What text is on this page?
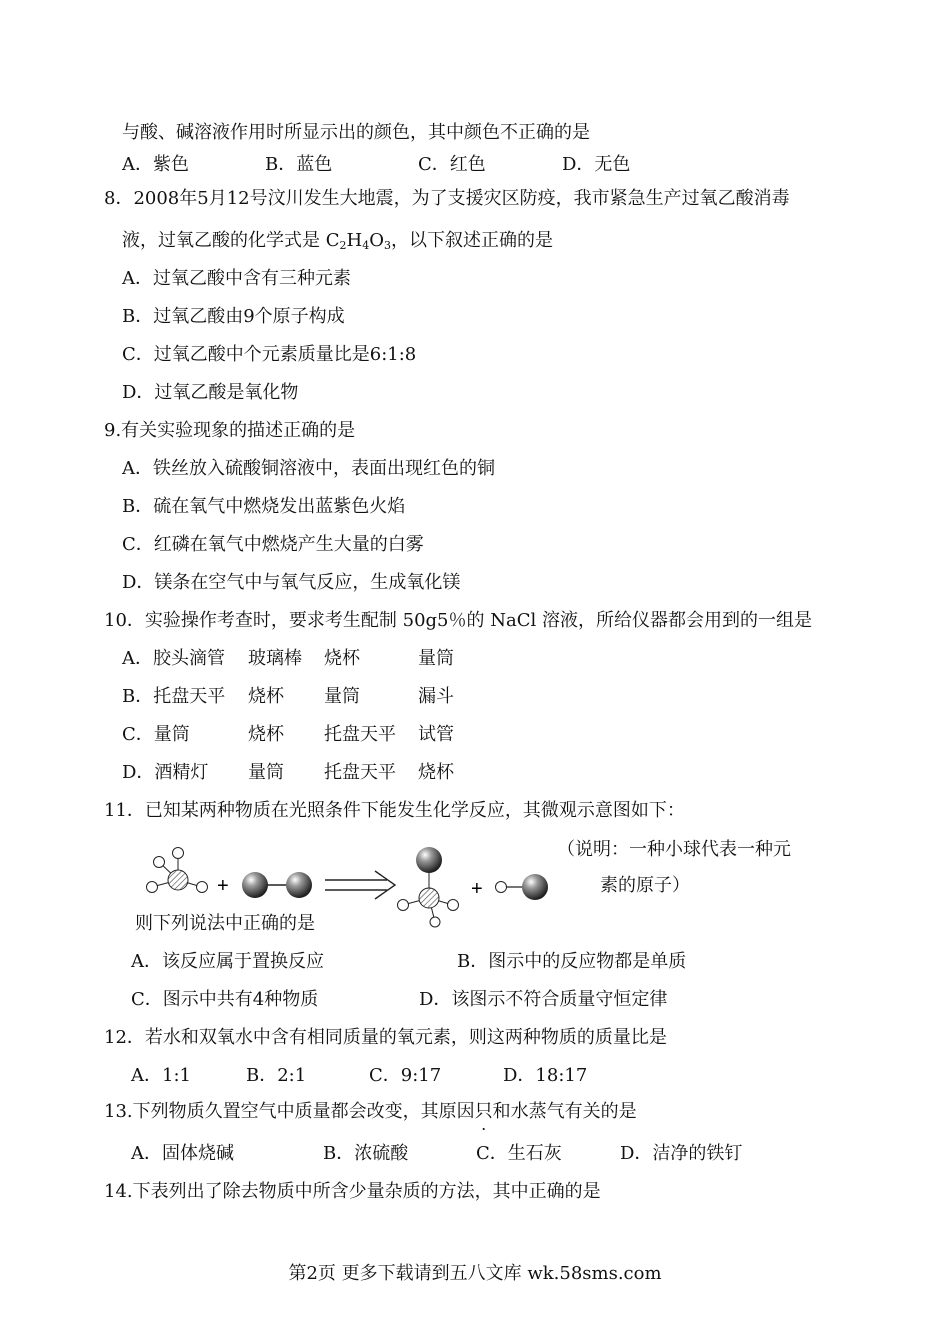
与酸、碱溶液作用时所显示出的颜色，其中颜色不正确的是
A．紫色	B．蓝色	C．红色	D．无色
8．2008年5月12号汶川发生大地震，为了支援灾区防疫，我市紧急生产过氧乙酸消毒
液，过氧乙酸的化学式是 $C_2H_4O_3$，以下叙述正确的是
A．过氧乙酸中含有三种元素
B．过氧乙酸由9个原子构成
C．过氧乙酸中个元素质量比是6:1:8
D．过氧乙酸是氧化物
9.有关实验现象的描述正确的是
A．铁丝放入硫酸铜溶液中，表面出现红色的铜
B．硫在氧气中燃烧发出蓝紫色火焰
C．红磷在氧气中燃烧产生大量的白雾
D．镁条在空气中与氧气反应，生成氧化镁
10．实验操作考查时，要求考生配制 50g5％的 NaCl 溶液，所给仪器都会用到的一组是
A．胶头滴管 玻璃棒 烧杯	量筒
B．托盘天平 烧杯 量筒	漏斗
C．量筒	烧杯 托盘天平 试管
D．酒精灯 量筒 托盘天平 烧杯
11．已知某两种物质在光照条件下能发生化学反应，其微观示意图如下：
（说明：一种小球代表一种元
素的原子）
+	+
则下列说法中正确的是
A．该反应属于置换反应	B．图示中的反应物都是单质
C．图示中共有4种物质	D．该图示不符合质量守恒定律
12．若水和双氧水中含有相同质量的氧元素，则这两种物质的质量比是
A．1:1	B．2:1	C．9:17	D．18:17
13.下列物质久置空气中质量都会改变，其原因只和水蒸气有关的是
A．固体烧碱	B．浓硫酸	C．生石灰	D．洁净的铁钉
14.下表列出了除去物质中所含少量杂质的方法，其中正确的是
第2页 更多下载请到五八文库 wk.58sms.com
